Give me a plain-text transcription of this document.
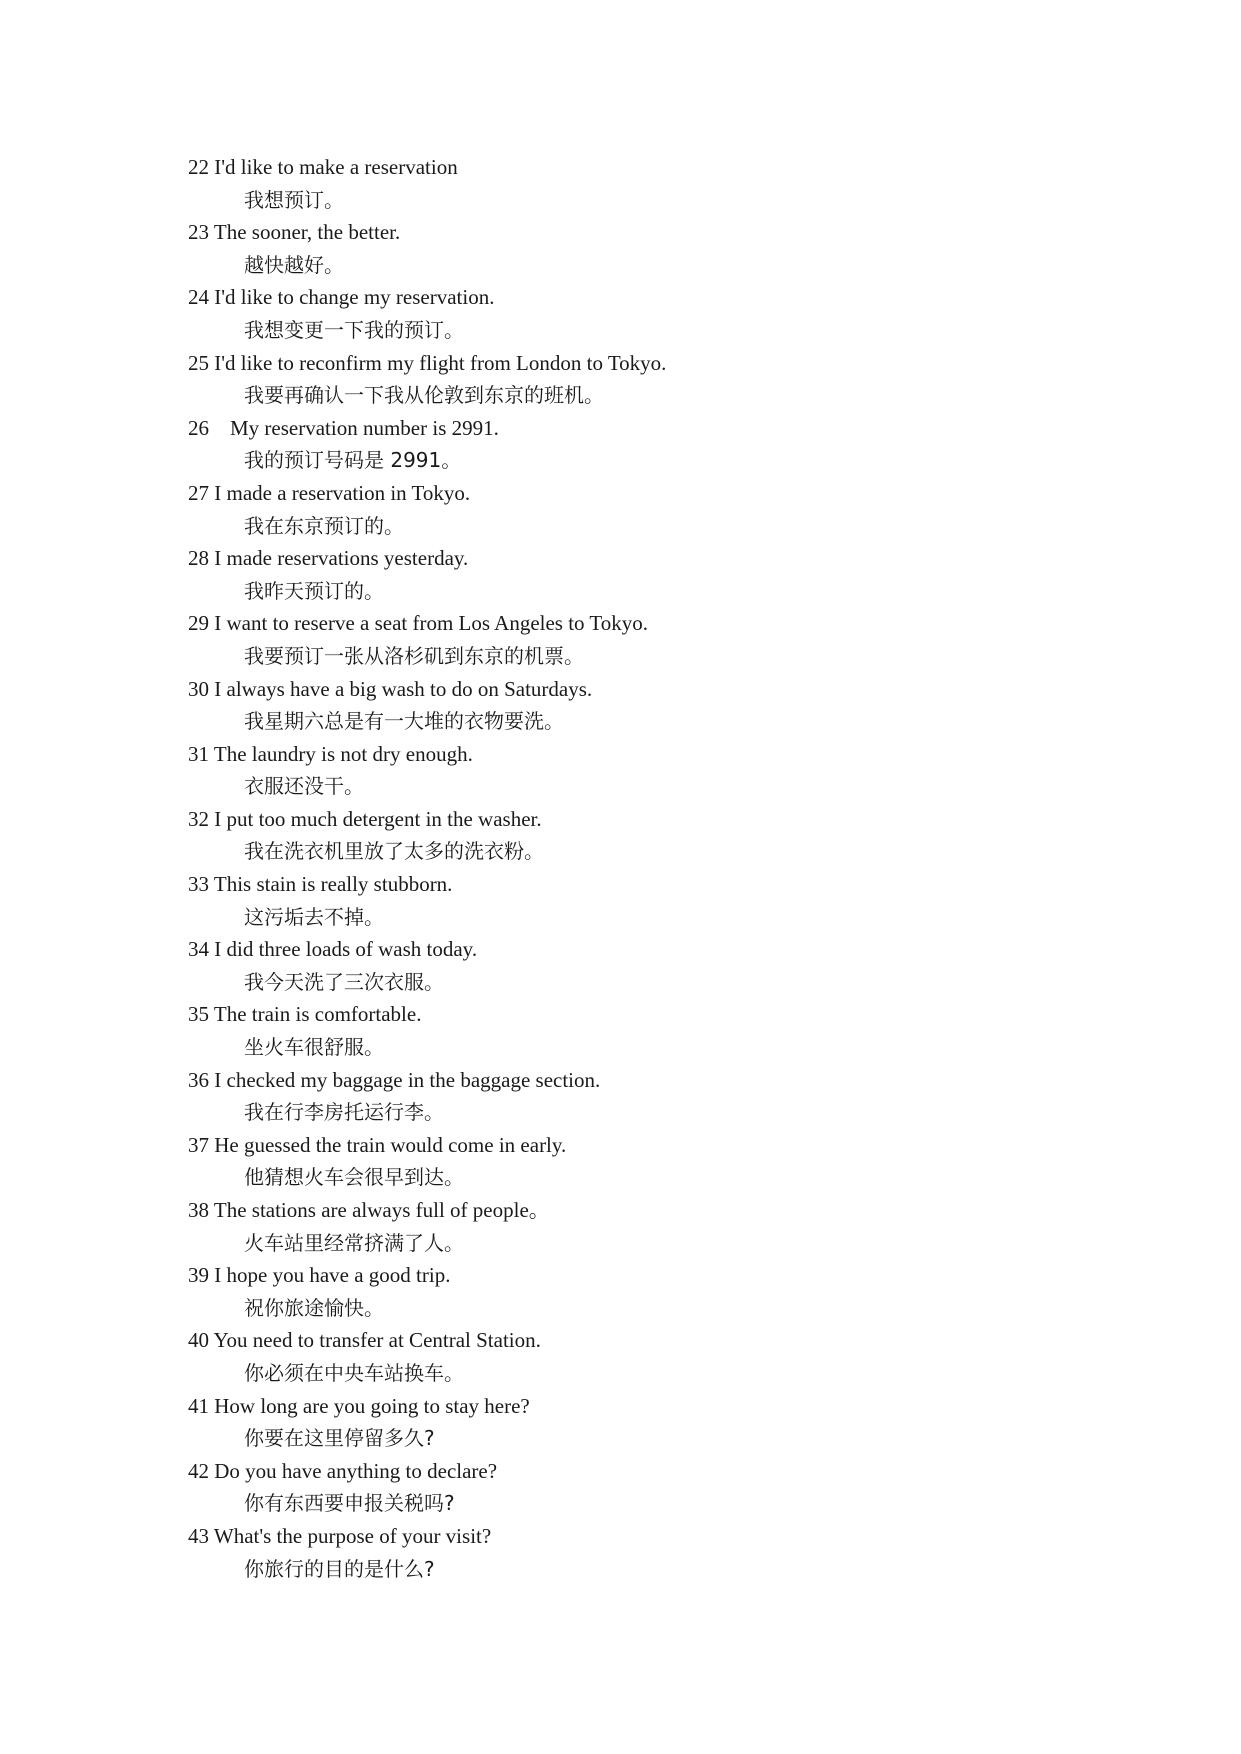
22 I'd like to make a reservation
我想预订。
23 The sooner, the better.
越快越好。
24 I'd like to change my reservation.
我想变更一下我的预订。
25 I'd like to reconfirm my flight from London to Tokyo.
我要再确认一下我从伦敦到东京的班机。
26    My reservation number is 2991.
我的预订号码是 2991。
27 I made a reservation in Tokyo.
我在东京预订的。
28 I made reservations yesterday.
我昨天预订的。
29 I want to reserve a seat from Los Angeles to Tokyo.
我要预订一张从洛杉矶到东京的机票。
30 I always have a big wash to do on Saturdays.
我星期六总是有一大堆的衣物要洗。
31 The laundry is not dry enough.
衣服还没干。
32 I put too much detergent in the washer.
我在洗衣机里放了太多的洗衣粉。
33 This stain is really stubborn.
这污垢去不掉。
34 I did three loads of wash today.
我今天洗了三次衣服。
35 The train is comfortable.
坐火车很舒服。
36 I checked my baggage in the baggage section.
我在行李房托运行李。
37 He guessed the train would come in early.
他猜想火车会很早到达。
38 The stations are always full of people。
火车站里经常挤满了人。
39 I hope you have a good trip.
祝你旅途愉快。
40 You need to transfer at Central Station.
你必须在中央车站换车。
41 How long are you going to stay here?
你要在这里停留多久?
42 Do you have anything to declare?
你有东西要申报关税吗?
43 What's the purpose of your visit?
你旅行的目的是什么?
